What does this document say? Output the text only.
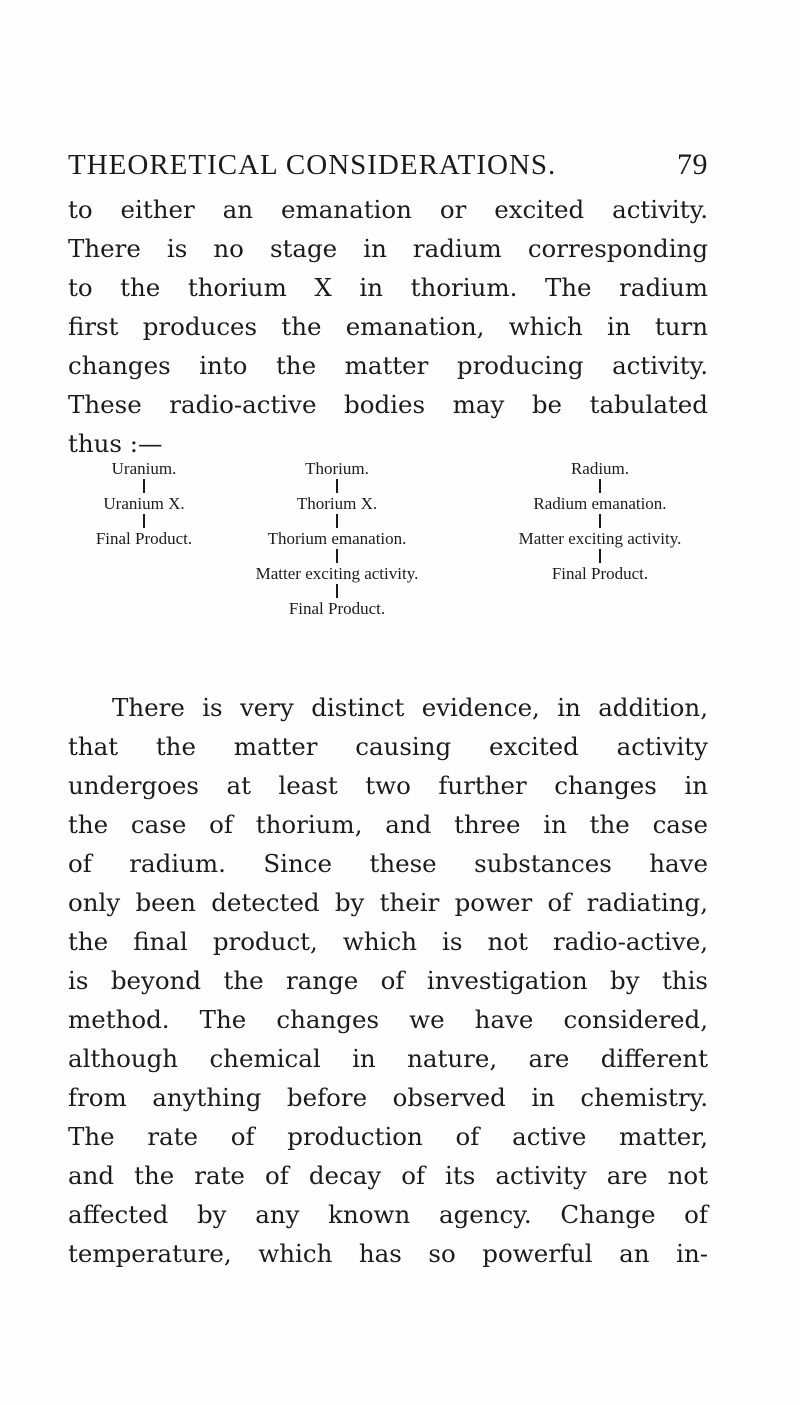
THEORETICAL CONSIDERATIONS.	79
to either an emanation or excited activity.
There is no stage in radium corresponding
to the thorium X in thorium. The radium
first produces the emanation, which in turn
changes into the matter producing activity.
These radio-active bodies may be tabulated
thus :—
Uranium.
Uranium X.
Final Product.
Thorium.
Thorium X.
Thorium emanation.
Matter exciting activity.
Final Product.
Radium.
Radium emanation.
Matter exciting activity.
Final Product.
There is very distinct evidence, in addition,
that the matter causing excited activity
undergoes at least two further changes in
the case of thorium, and three in the case
of radium. Since these substances have
only been detected by their power of radiating,
the final product, which is not radio-active,
is beyond the range of investigation by this
method. The changes we have considered,
although chemical in nature, are different
from anything before observed in chemistry.
The rate of production of active matter,
and the rate of decay of its activity are not
affected by any known agency. Change of
temperature, which has so powerful an in-
